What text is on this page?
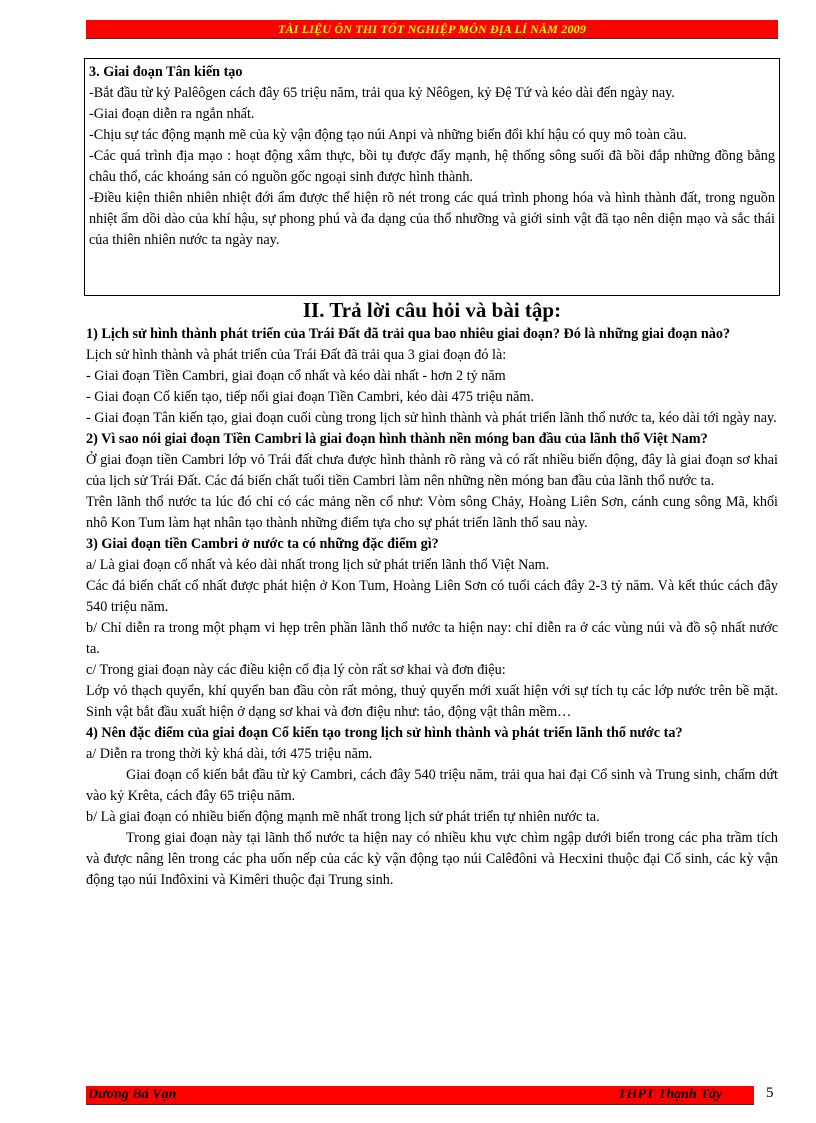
TÀI LIỆU ÔN THI TỐT NGHIỆP MÔN ĐỊA LÍ NĂM 2009

3. Giai đoạn Tân kiến tạo

-Bắt đầu từ kỷ Palêôgen cách đây 65 triệu năm, trải qua kỷ Nêôgen, kỷ Đệ Tứ và kéo dài đến ngày nay.

-Giai đoạn diễn ra ngắn nhất.

-Chịu sự tác động mạnh mẽ của kỳ vận động tạo núi Anpi và những biến đổi khí hậu có quy mô toàn cầu.

-Các quá trình địa mạo : hoạt động xâm thực, bồi tụ được đẩy mạnh, hệ thống sông suối đã bồi đắp những đồng bằng châu thổ, các khoáng sản có nguồn gốc ngoại sinh được hình thành.

-Điều kiện thiên nhiên nhiệt đới ẩm được thể hiện rõ nét trong các quá trình phong hóa và hình thành đất, trong nguồn nhiệt ẩm dồi dào của khí hậu, sự phong phú và đa dạng của thổ nhưỡng và giới sinh vật đã tạo nên diện mạo và sắc thái của thiên nhiên nước ta ngày nay.

II. Trả lời câu hỏi và bài tập:

1) Lịch sử hình thành phát triển của Trái Đất đã trải qua bao nhiêu giai đoạn? Đó là những giai đoạn nào?

Lịch sử hình thành và phát triển của Trái Đất đã trải qua 3 giai đoạn đó là:

- Giai đoạn Tiền Cambri, giai đoạn cổ nhất và kéo dài nhất - hơn 2 tỷ năm

- Giai đoạn Cổ kiến tạo, tiếp nối giai đoạn Tiền Cambri, kéo dài 475 triệu năm.

- Giai đoạn Tân kiến tạo, giai đoạn cuối cùng trong lịch sử hình thành và phát triển lãnh thổ nước ta, kéo dài tới ngày nay.

2) Vì sao nói giai đoạn Tiền Cambri là giai đoạn hình thành nền móng ban đầu của lãnh thổ Việt Nam?

Ở giai đoạn tiền Cambri lớp vỏ Trái đất chưa được hình thành rõ ràng và có rất nhiều biến động, đây là giai đoạn sơ khai của lịch sử Trái Đất. Các đá biến chất tuổi tiền Cambri làm nên những nền móng ban đầu của lãnh thổ nước ta.

Trên lãnh thổ nước ta lúc đó chỉ có các mảng nền cổ như: Vòm sông Chảy, Hoàng Liên Sơn, cánh cung sông Mã, khối nhô Kon Tum làm hạt nhân tạo thành những điểm tựa cho sự phát triển lãnh thổ sau này.

3) Giai đoạn tiền Cambri ở nước ta có những đặc điểm gì?

a/ Là giai đoạn cổ nhất và kéo dài nhất trong lịch sử phát triển lãnh thổ Việt Nam.

Các đá biến chất cổ nhất được phát hiện ở Kon Tum, Hoàng Liên Sơn có tuổi cách đây 2-3 tỷ năm. Và kết thúc cách đây 540 triệu năm.

b/ Chỉ diễn ra trong một phạm vi hẹp trên phần lãnh thổ nước ta hiện nay: chỉ diễn ra ở các vùng núi và đồ sộ nhất nước ta.

c/ Trong giai đoạn này các điều kiện cổ địa lý còn rất sơ khai và đơn điệu:

Lớp vỏ thạch quyển, khí quyển ban đầu còn rất mỏng, thuỷ quyển mới xuất hiện với sự tích tụ các lớp nước trên bề mặt. Sinh vật bắt đầu xuất hiện ở dạng sơ khai và đơn điệu như: tảo, động vật thân mềm…

4) Nên đặc điểm của giai đoạn Cổ kiến tạo trong lịch sử hình thành và phát triển lãnh thổ nước ta?

a/ Diễn ra trong thời kỳ khá dài, tới 475 triệu năm.

Giai đoạn cổ kiến bắt đầu từ kỷ Cambri, cách đây 540 triệu năm, trải qua hai đại Cổ sinh và Trung sinh, chấm dứt vào kỷ Krêta, cách đây 65 triệu năm.

b/ Là giai đoạn có nhiều biến động mạnh mẽ nhất trong lịch sử phát triển tự nhiên nước ta.

Trong giai đoạn này tại lãnh thổ nước ta hiện nay có nhiều khu vực chìm ngập dưới biển trong các pha trầm tích và được nâng lên trong các pha uốn nếp của các kỳ vận động tạo núi Calêđôni và Hecxini thuộc đại Cổ sinh, các kỳ vận động tạo núi Inđôxini và Kimêri thuộc đại Trung sinh.

Dương Bá Vạn	THPT Thạnh Tây	5
